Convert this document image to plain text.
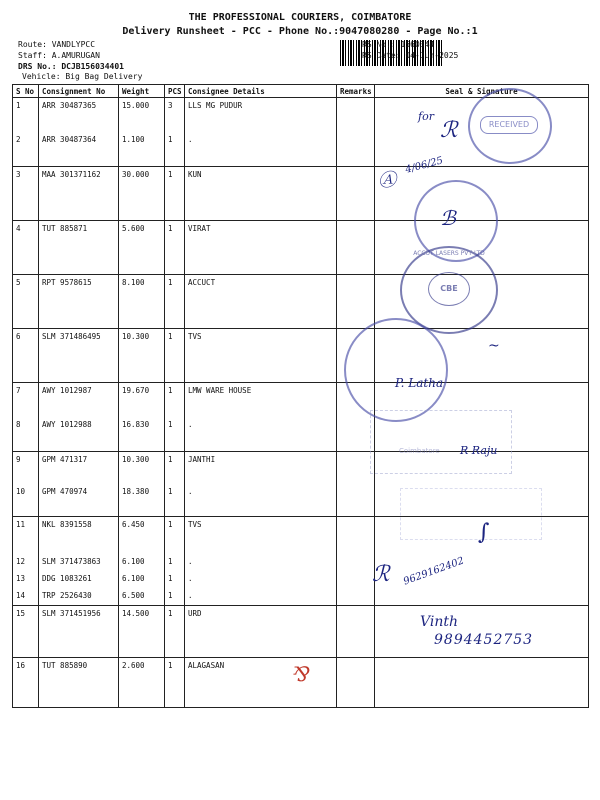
THE PROFESSIONAL COURIERS, COIMBATORE
Delivery Runsheet - PCC - Phone No.:9047080280 - Page No.:1
Route: VANDLYPCC
Staff: A.AMURUGAN
DRS No.: DCJB156034401
Vehicle: Big Bag Delivery
RS No.: 1560344
RS Date: 04-Jun-2025
S No	Consignment No	Weight	PCS	Consignee Details	Remarks	Seal & Signature
1	ARR 30487365	15.000	3	LLS MG PUDUR		
2	ARR 30487364	1.100	1	.		
3	MAA 301371162	30.000	1	KUN		
4	TUT 885871	5.600	1	VIRAT		
5	RPT 9578615	8.100	1	ACCUCT		
6	SLM 371486495	10.300	1	TVS		
7	AWY 1012987	19.670	1	LMW WARE HOUSE		
8	AWY 1012988	16.830	1	.		
9	GPM 471317	10.300	1	JANTHI		
10	GPM 470974	18.380	1	.		
11	NKL 8391558	6.450	1	TVS		
12	SLM 371473863	6.100	1	.		
13	DDG 1083261	6.100	1	.		
14	TRP 2526430	6.500	1	.		
15	SLM 371451956	14.500	1	URD		
16	TUT 885890	2.600	1	ALAGASAN		
RECEIVED
for
ℛ
Ⓐ
4/06/25
ℬ
CBE
ACCUT LASERS PVT LTD
P. Latha
~
Coimbatore R Raju
∫
ℛ 9629162402
Vinth
9894452753
⅋
